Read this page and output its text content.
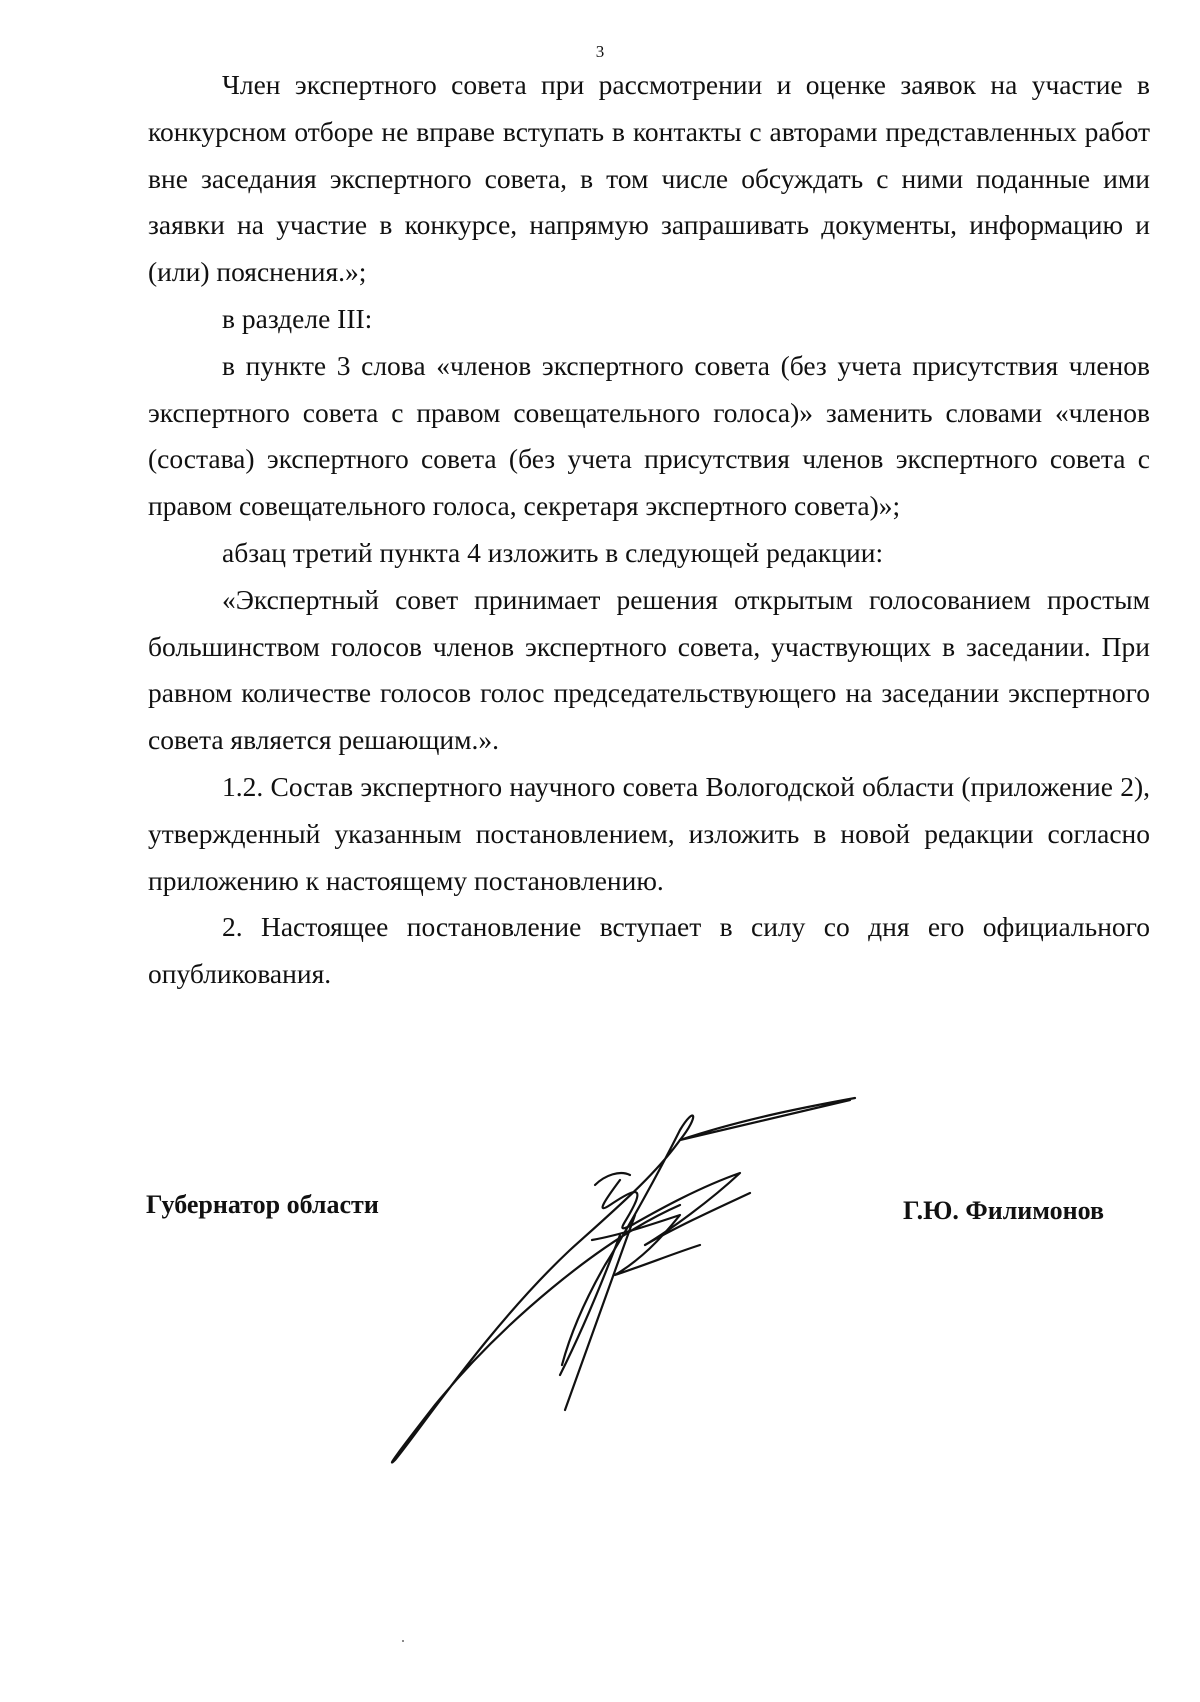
3

Член экспертного совета при рассмотрении и оценке заявок на участие в конкурсном отборе не вправе вступать в контакты с авторами представленных работ вне заседания экспертного совета, в том числе обсуждать с ними поданные ими заявки на участие в конкурсе, напрямую запрашивать документы, информацию и (или) пояснения.»;

в разделе III:

в пункте 3 слова «членов экспертного совета (без учета присутствия членов экспертного совета с правом совещательного голоса)» заменить словами «членов (состава) экспертного совета (без учета присутствия членов экспертного совета с правом совещательного голоса, секретаря экспертного совета)»;

абзац третий пункта 4 изложить в следующей редакции:

«Экспертный совет принимает решения открытым голосованием простым большинством голосов членов экспертного совета, участвующих в заседании. При равном количестве голосов голос председательствующего на заседании экспертного совета является решающим.».

1.2. Состав экспертного научного совета Вологодской области (приложение 2), утвержденный указанным постановлением, изложить в новой редакции согласно приложению к настоящему постановлению.

2. Настоящее постановление вступает в силу со дня его официального опубликования.

Губернатор области	Г.Ю. Филимонов
